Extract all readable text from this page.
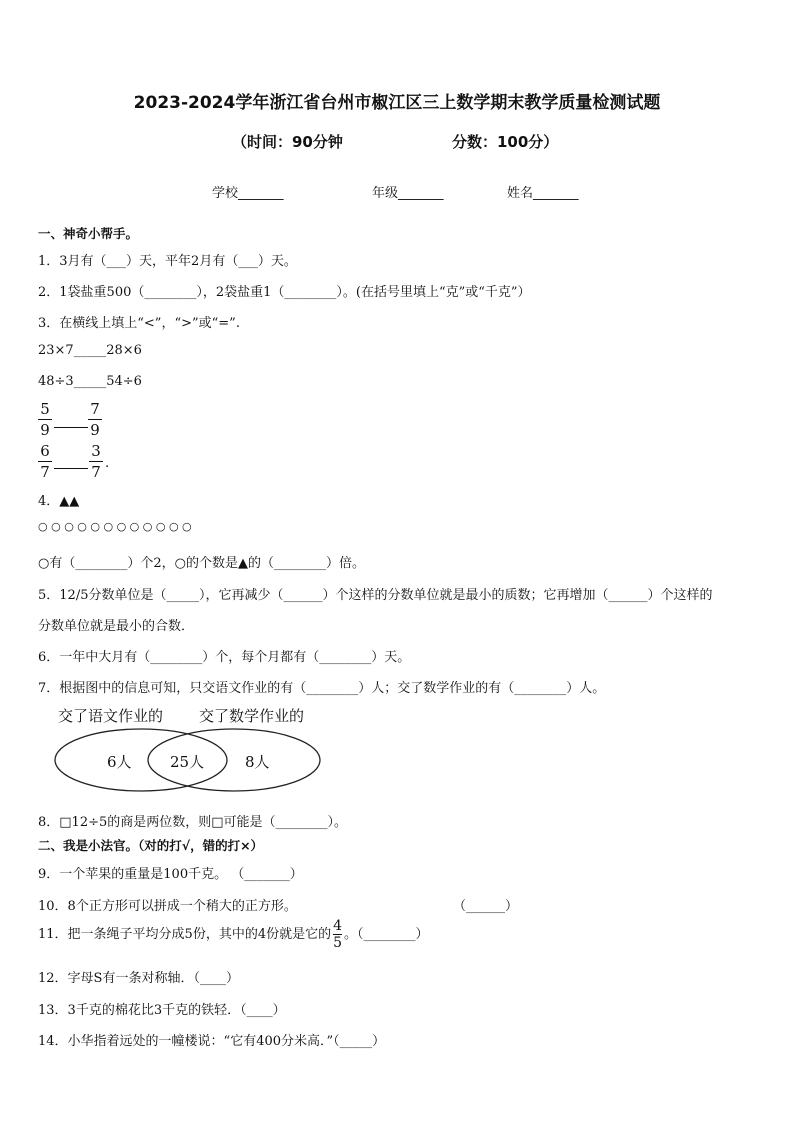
2023-2024学年浙江省台州市椒江区三上数学期末教学质量检测试题
（时间：90分钟	分数：100分）
学校_______	年级_______	姓名_______
一、神奇小帮手。
1．3月有（___）天，平年2月有（___）天。
2．1袋盐重500（________），2袋盐重1（________）。(在括号里填上“克”或“千克”）
3．在横线上填上“<”，“>”或“=”.
23×7_____28×6
48÷3_____54÷6
5
9
7
9
6
7
3
7 .
4．▲▲
○ ○ ○ ○ ○ ○ ○ ○ ○ ○ ○ ○
○有（________）个2，○的个数是▲的（________）倍。
5．12/5分数单位是（_____），它再减少（______）个这样的分数单位就是最小的质数；它再增加（______）个这样的
分数单位就是最小的合数．
6．一年中大月有（________）个，每个月都有（________）天。
7．根据图中的信息可知，只交语文作业的有（________）人；交了数学作业的有（________）人。
交了语文作业的 交了数学作业的
6人	25人	8人
8．□12÷5的商是两位数，则□可能是（________）。
二、我是小法官。（对的打√，错的打×）
9．一个苹果的重量是100千克。 （_______）
10．8个正方形可以拼成一个稍大的正方形。	（______）
11．把一条绳子平均分成5份，其中的4份就是它的 $\frac{4}{5}$ 。（________）
12．字母S有一条对称轴．（____）
13．3千克的棉花比3千克的铁轻．（____）
14．小华指着远处的一幢楼说：“它有400分米高．”（_____）
